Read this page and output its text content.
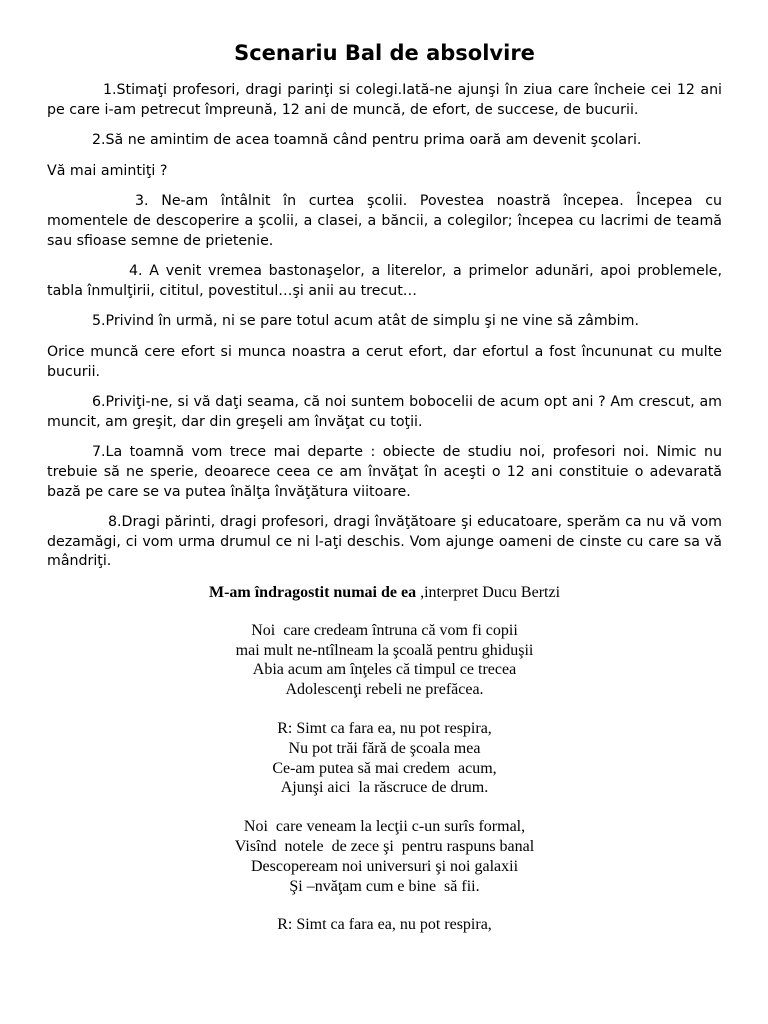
Scenariu Bal de absolvire

1.Stimaţi profesori, dragi parinţi si colegi.Iată-ne ajunşi în ziua care încheie cei 12 ani pe care i-am petrecut împreună, 12 ani de muncă, de efort, de succese, de bucurii.

2.Să ne amintim de acea toamnă când pentru prima oară am devenit şcolari.

Vă mai amintiţi ?

3. Ne-am întâlnit în curtea şcolii. Povestea noastră începea. Începea cu momentele de descoperire a şcolii, a clasei, a băncii, a colegilor; începea cu lacrimi de teamă sau sfioase semne de prietenie.

4. A venit vremea bastonaşelor, a literelor, a primelor adunări, apoi problemele, tabla înmulţirii, cititul, povestitul…şi anii au trecut…

5.Privind în urmă, ni se pare totul acum atât de simplu şi ne vine să zâmbim.

Orice muncă cere efort si munca noastra a cerut efort, dar efortul a fost încununat cu multe bucurii.

6.Priviţi-ne, si vă daţi seama, că noi suntem bobocelii de acum opt ani ? Am crescut, am muncit, am greşit, dar din greşeli am învăţat cu toţii.

7.La toamnă vom trece mai departe : obiecte de studiu noi, profesori noi. Nimic nu trebuie să ne sperie, deoarece ceea ce am învăţat în aceşti o 12 ani constituie o adevarată bază pe care se va putea înălţa învăţătura viitoare.

8.Dragi părinti, dragi profesori, dragi învăţătoare şi educatoare, sperăm ca nu vă vom dezamăgi, ci vom urma drumul ce ni l-aţi deschis. Vom ajunge oameni de cinste cu care sa vă mândriţi.

M-am îndragostit numai de ea ,interpret Ducu Bertzi
Noi  care credeam întruna că vom fi copii
mai mult ne-ntîlneam la şcoală pentru ghiduşii
Abia acum am înţeles că timpul ce trecea
Adolescenţi rebeli ne prefăcea.
R: Simt ca fara ea, nu pot respira,
Nu pot trăi fără de şcoala mea
Ce-am putea să mai credem  acum,
Ajunşi aici  la răscruce de drum.
Noi  care veneam la lecţii c-un surîs formal,
Visînd  notele  de zece şi  pentru raspuns banal
Descopeream noi universuri şi noi galaxii
Şi –nvăţam cum e bine  să fii.
R: Simt ca fara ea, nu pot respira,
